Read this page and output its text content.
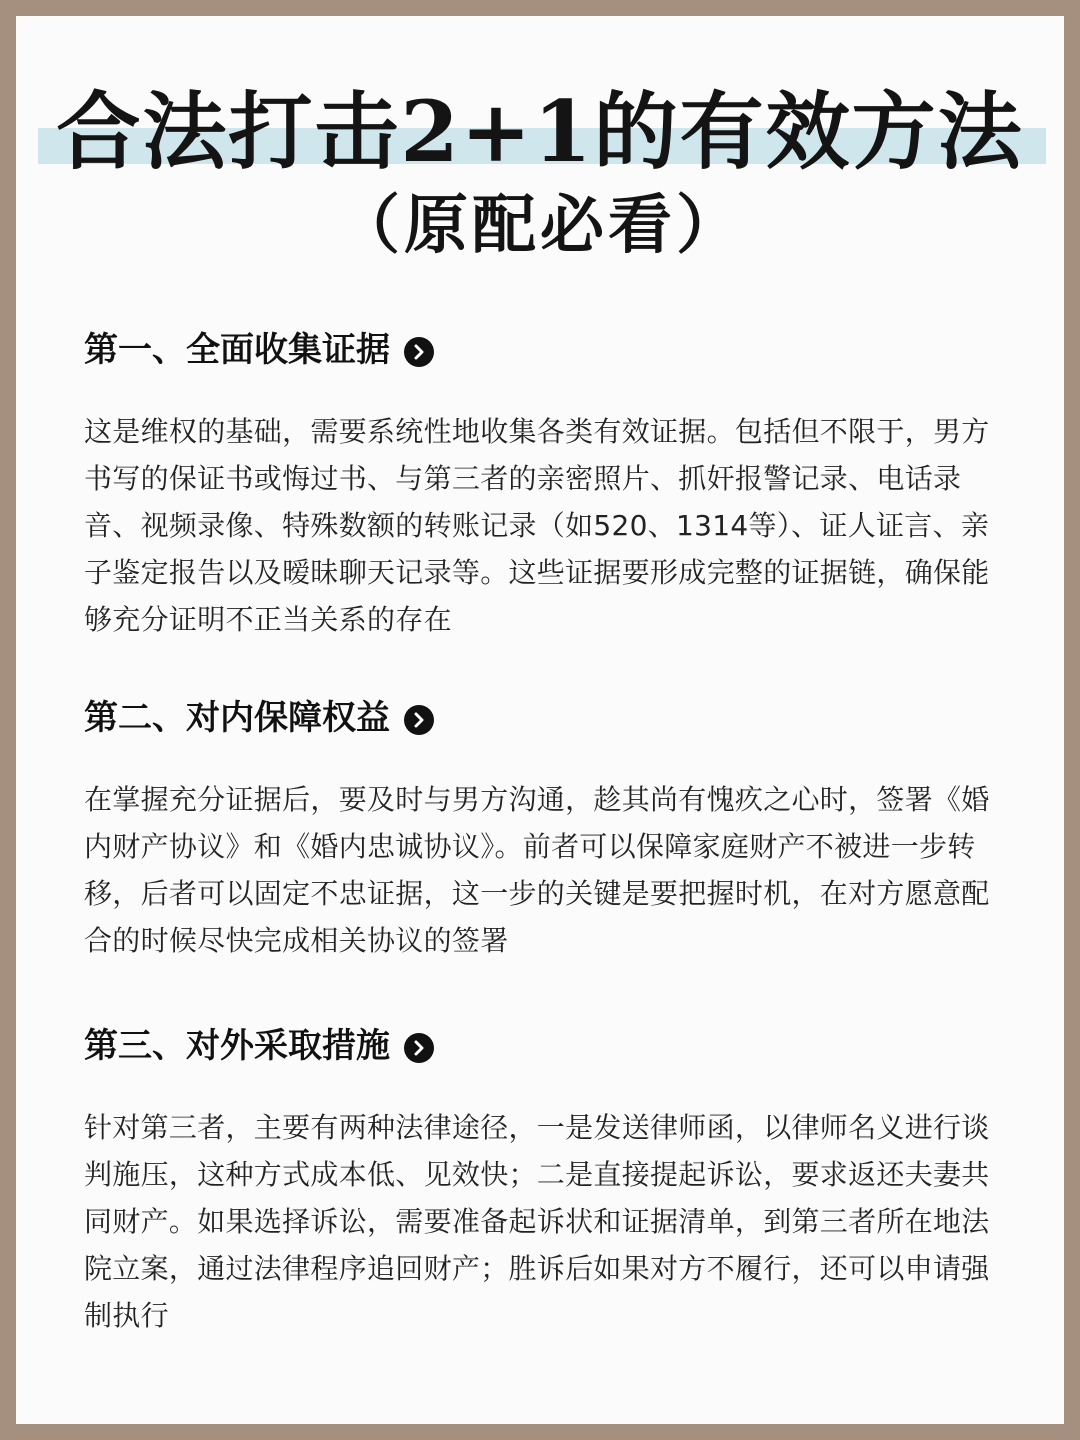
合法打击2+1的有效方法
（原配必看）
第一、全面收集证据
这是维权的基础，需要系统性地收集各类有效证据。包括但不限于，男方书写的保证书或悔过书、与第三者的亲密照片、抓奸报警记录、电话录音、视频录像、特殊数额的转账记录（如520、1314等）、证人证言、亲子鉴定报告以及暧昧聊天记录等。这些证据要形成完整的证据链，确保能够充分证明不正当关系的存在
第二、对内保障权益
在掌握充分证据后，要及时与男方沟通，趁其尚有愧疚之心时，签署《婚内财产协议》和《婚内忠诚协议》。前者可以保障家庭财产不被进一步转移，后者可以固定不忠证据，这一步的关键是要把握时机，在对方愿意配合的时候尽快完成相关协议的签署
第三、对外采取措施
针对第三者，主要有两种法律途径，一是发送律师函，以律师名义进行谈判施压，这种方式成本低、见效快；二是直接提起诉讼，要求返还夫妻共同财产。如果选择诉讼，需要准备起诉状和证据清单，到第三者所在地法院立案，通过法律程序追回财产；胜诉后如果对方不履行，还可以申请强制执行
